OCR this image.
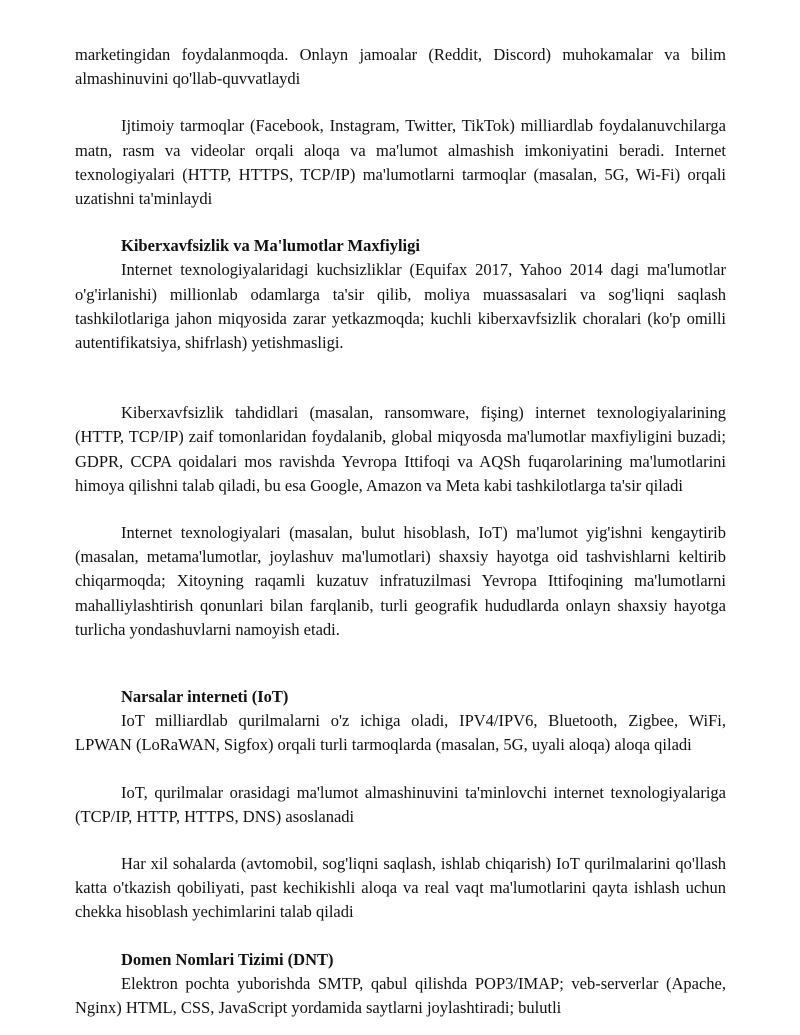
marketingidan foydalanmoqda. Onlayn jamoalar (Reddit, Discord) muhokamalar va bilim almashinuvini qo'llab-quvvatlaydi

Ijtimoiy tarmoqlar (Facebook, Instagram, Twitter, TikTok) milliardlab foydalanuvchilarga matn, rasm va videolar orqali aloqa va ma'lumot almashish imkoniyatini beradi. Internet texnologiyalari (HTTP, HTTPS, TCP/IP) ma'lumotlarni tarmoqlar (masalan, 5G, Wi-Fi) orqali uzatishni ta'minlaydi

Kiberxavfsizlik va Ma'lumotlar Maxfiyligi

Internet texnologiyalaridagi kuchsizliklar (Equifax 2017, Yahoo 2014 dagi ma'lumotlar o'g'irlanishi) millionlab odamlarga ta'sir qilib, moliya muassasalari va sog'liqni saqlash tashkilotlariga jahon miqyosida zarar yetkazmoqda; kuchli kiberxavfsizlik choralari (ko'p omilli autentifikatsiya, shifrlash) yetishmasligi.

Kiberxavfsizlik tahdidlari (masalan, ransomware, fişing) internet texnologiyalarining (HTTP, TCP/IP) zaif tomonlaridan foydalanib, global miqyosda ma'lumotlar maxfiyligini buzadi; GDPR, CCPA qoidalari mos ravishda Yevropa Ittifoqi va AQSh fuqarolarining ma'lumotlarini himoya qilishni talab qiladi, bu esa Google, Amazon va Meta kabi tashkilotlarga ta'sir qiladi

Internet texnologiyalari (masalan, bulut hisoblash, IoT) ma'lumot yig'ishni kengaytirib (masalan, metama'lumotlar, joylashuv ma'lumotlari) shaxsiy hayotga oid tashvishlarni keltirib chiqarmoqda; Xitoyning raqamli kuzatuv infratuzilmasi Yevropa Ittifoqining ma'lumotlarni mahalliylashtirish qonunlari bilan farqlanib, turli geografik hududlarda onlayn shaxsiy hayotga turlicha yondashuvlarni namoyish etadi.

Narsalar interneti (IoT)

IoT milliardlab qurilmalarni o'z ichiga oladi, IPV4/IPV6, Bluetooth, Zigbee, WiFi, LPWAN (LoRaWAN, Sigfox) orqali turli tarmoqlarda (masalan, 5G, uyali aloqa) aloqa qiladi

IoT, qurilmalar orasidagi ma'lumot almashinuvini ta'minlovchi internet texnologiyalariga (TCP/IP, HTTP, HTTPS, DNS) asoslanadi

Har xil sohalarda (avtomobil, sog'liqni saqlash, ishlab chiqarish) IoT qurilmalarini qo'llash katta o'tkazish qobiliyati, past kechikishli aloqa va real vaqt ma'lumotlarini qayta ishlash uchun chekka hisoblash yechimlarini talab qiladi

Domen Nomlari Tizimi (DNT)

Elektron pochta yuborishda SMTP, qabul qilishda POP3/IMAP; veb-serverlar (Apache, Nginx) HTML, CSS, JavaScript yordamida saytlarni joylashtiradi; bulutli
